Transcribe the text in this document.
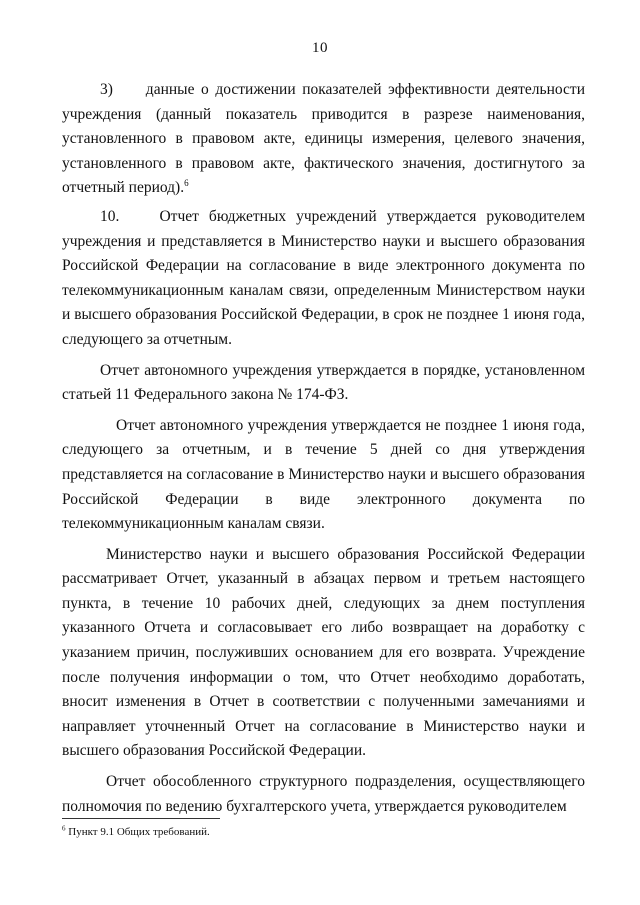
10

3)     данные о достижении показателей эффективности деятельности учреждения (данный показатель приводится в разрезе наименования, установленного в правовом акте, единицы измерения, целевого значения, установленного в правовом акте, фактического значения, достигнутого за отчетный период).$^6$

10.    Отчет бюджетных учреждений утверждается руководителем учреждения и представляется в Министерство науки и высшего образования Российской Федерации на согласование в виде электронного документа по телекоммуникационным каналам связи, определенным Министерством науки и высшего образования Российской Федерации, в срок не позднее 1 июня года, следующего за отчетным.

Отчет автономного учреждения утверждается в порядке, установленном статьей 11 Федерального закона № 174-ФЗ.

Отчет автономного учреждения утверждается не позднее 1 июня года, следующего за отчетным, и в течение 5 дней со дня утверждения представляется на согласование в Министерство науки и высшего образования Российской Федерации в виде электронного документа по телекоммуникационным каналам связи.

Министерство науки и высшего образования Российской Федерации рассматривает Отчет, указанный в абзацах первом и третьем настоящего пункта, в течение 10 рабочих дней, следующих за днем поступления указанного Отчета и согласовывает его либо возвращает на доработку с указанием причин, послуживших основанием для его возврата. Учреждение после получения информации о том, что Отчет необходимо доработать, вносит изменения в Отчет в соответствии с полученными замечаниями и направляет уточненный Отчет на согласование в Министерство науки и высшего образования Российской Федерации.

Отчет обособленного структурного подразделения, осуществляющего полномочия по ведению бухгалтерского учета, утверждается руководителем

$^6$ Пункт 9.1 Общих требований.
